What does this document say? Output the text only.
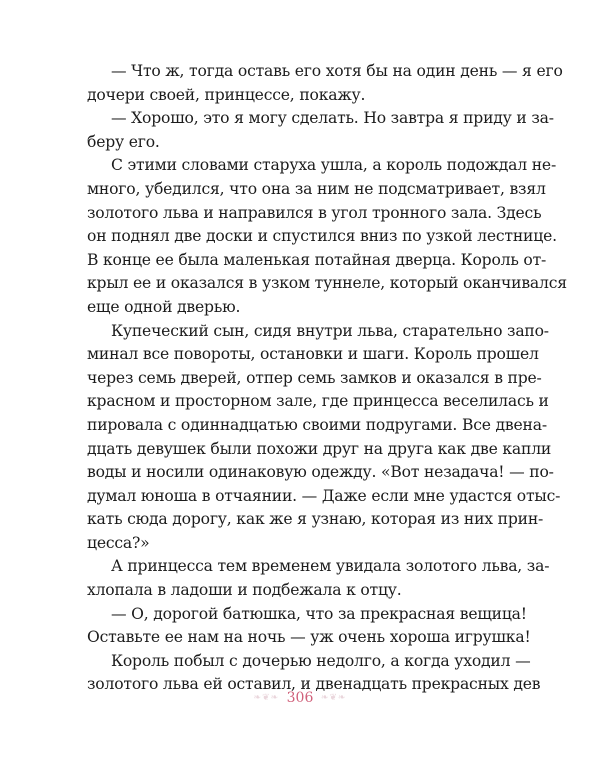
— Что ж, тогда оставь его хотя бы на один день — я его
дочери своей, принцессе, покажу.
— Хорошо, это я могу сделать. Но завтра я приду и за-
беру его.
С этими словами старуха ушла, а король подождал не-
много, убедился, что она за ним не подсматривает, взял
золотого льва и направился в угол тронного зала. Здесь
он поднял две доски и спустился вниз по узкой лестнице.
В конце ее была маленькая потайная дверца. Король от-
крыл ее и оказался в узком туннеле, который оканчивался
еще одной дверью.
Купеческий сын, сидя внутри льва, старательно запо-
минал все повороты, остановки и шаги. Король прошел
через семь дверей, отпер семь замков и оказался в пре-
красном и просторном зале, где принцесса веселилась и
пировала с одиннадцатью своими подругами. Все двена-
дцать девушек были похожи друг на друга как две капли
воды и носили одинаковую одежду. «Вот незадача! — по-
думал юноша в отчаянии. — Даже если мне удастся отыс-
кать сюда дорогу, как же я узнаю, которая из них прин-
цесса?»
А принцесса тем временем увидала золотого льва, за-
хлопала в ладоши и подбежала к отцу.
— О, дорогой батюшка, что за прекрасная вещица!
Оставьте ее нам на ночь — уж очень хороша игрушка!
Король побыл с дочерью недолго, а когда уходил —
золотого льва ей оставил, и двенадцать прекрасных дев
❧❦❧ 306 ❧❦❧
